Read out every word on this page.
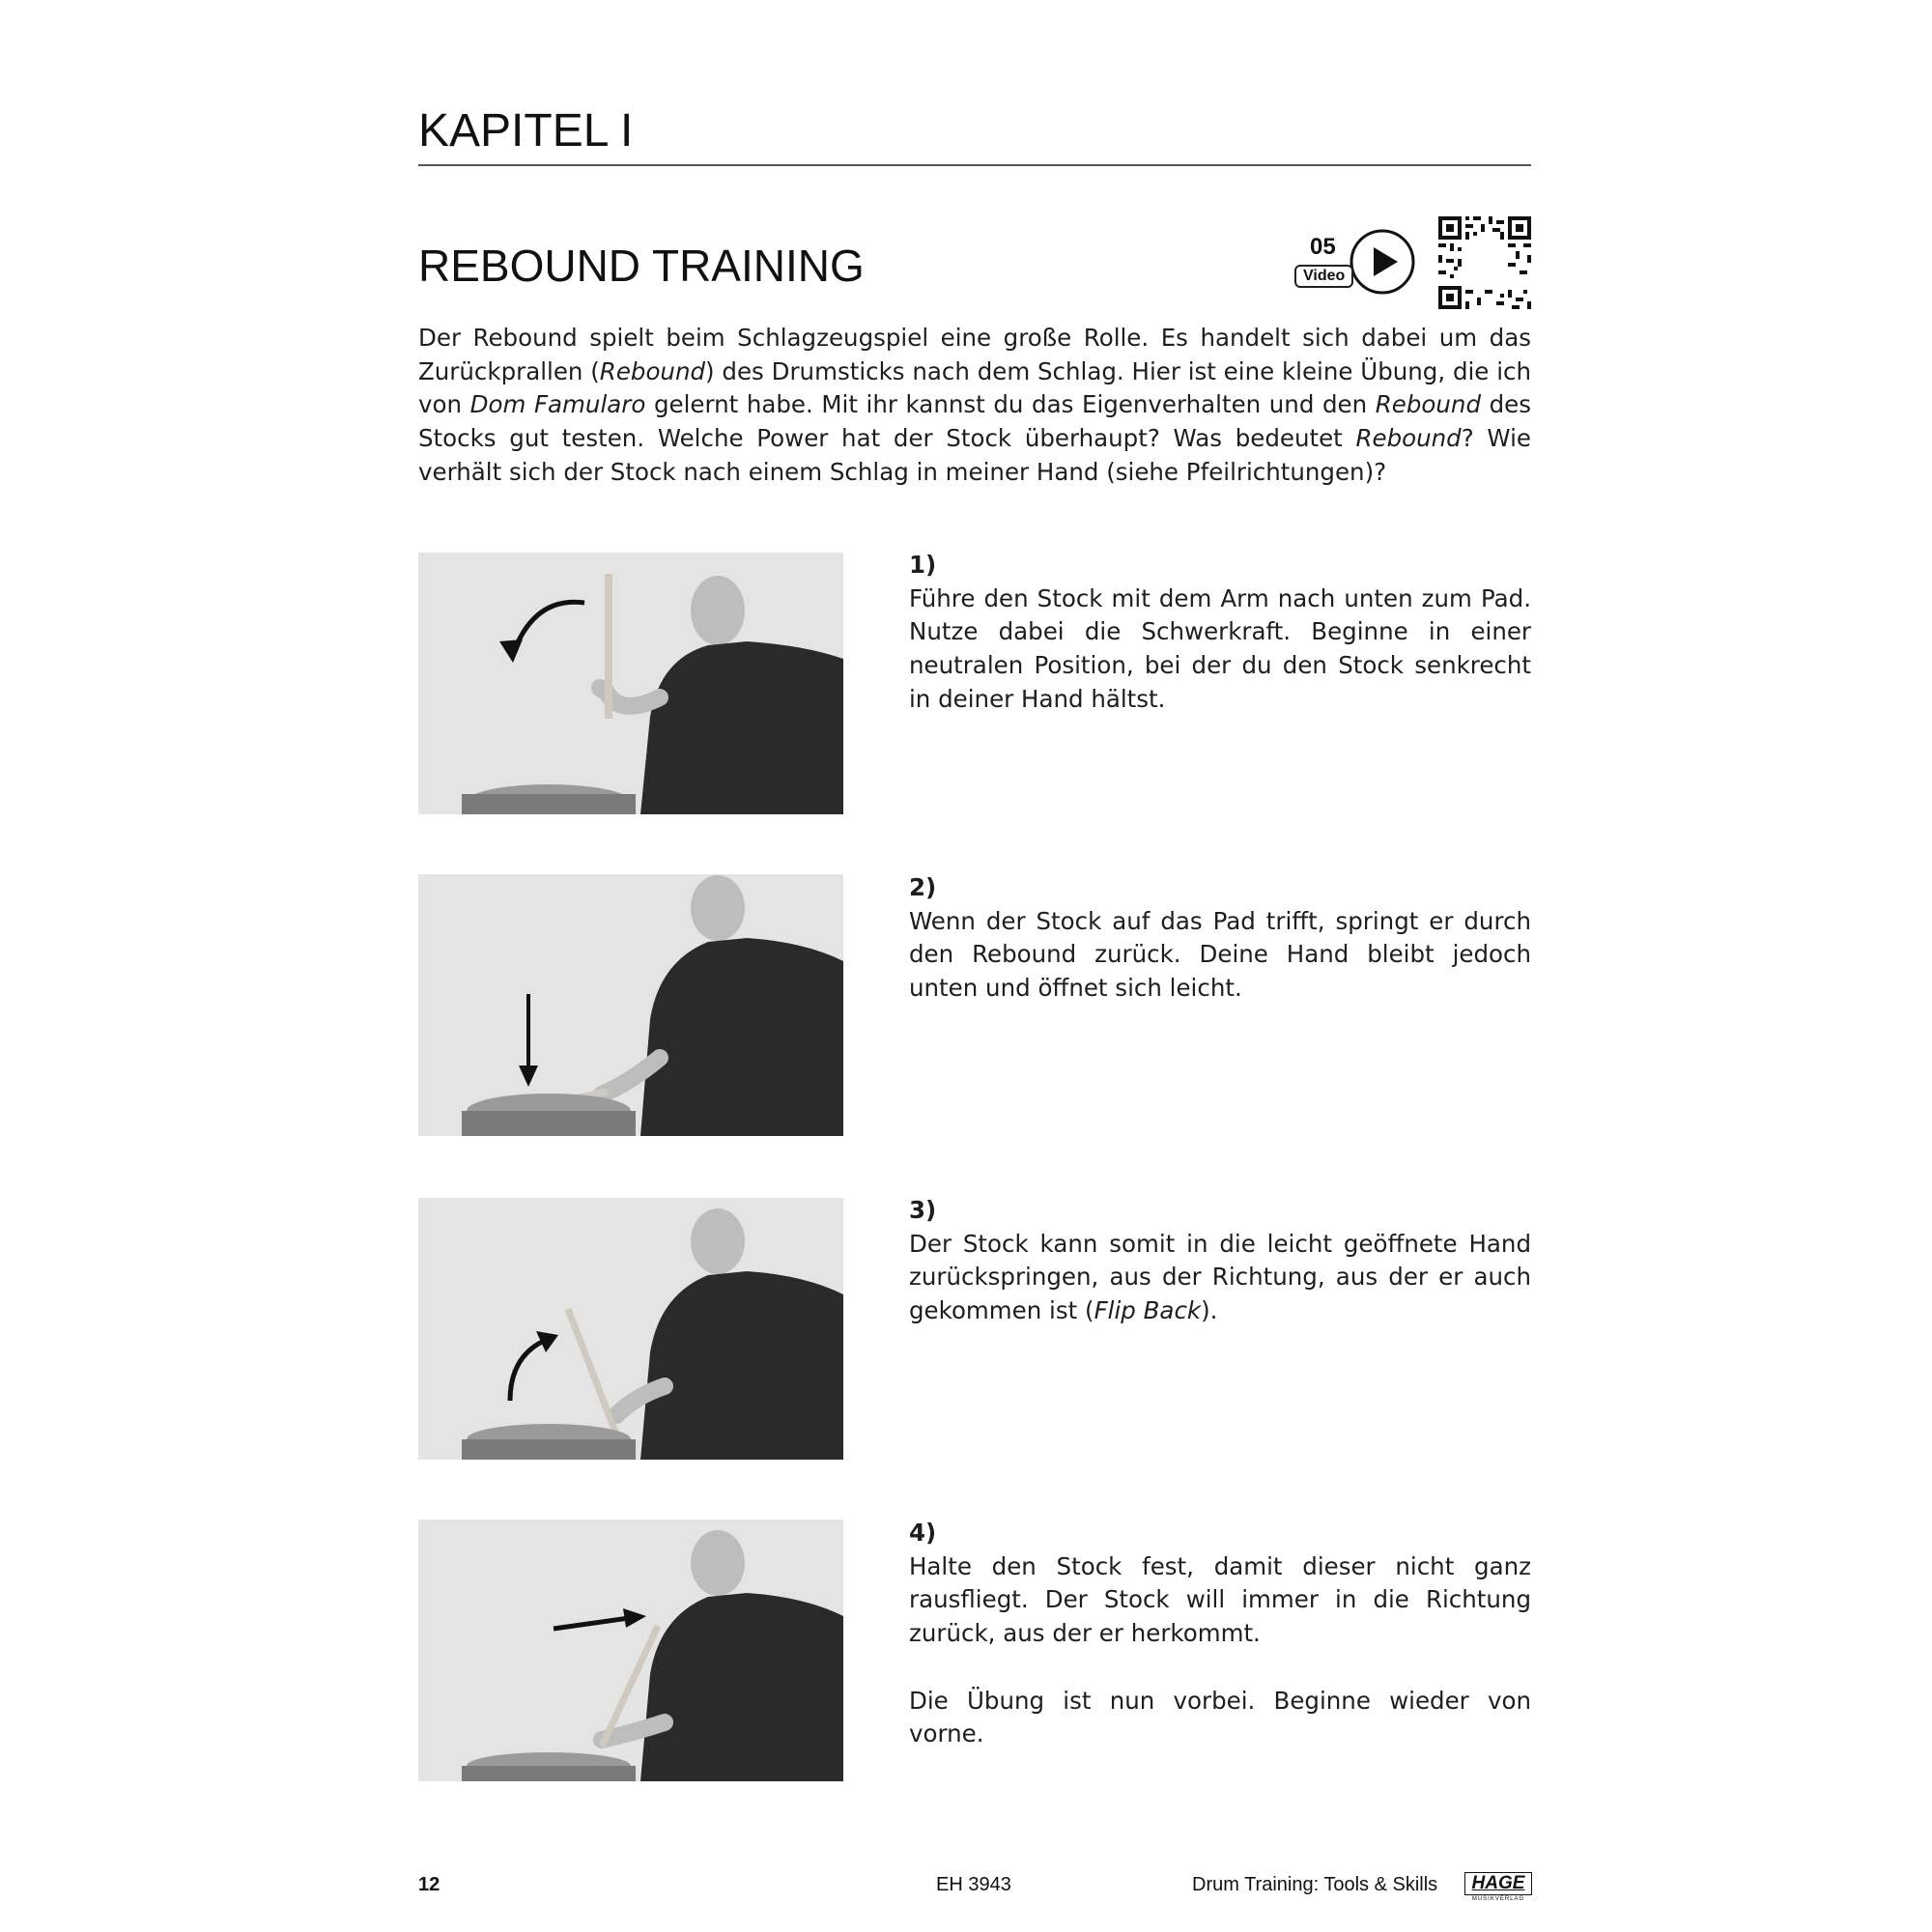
KAPITEL I
REBOUND TRAINING	05
Video
Der Rebound spielt beim Schlagzeugspiel eine große Rolle. Es handelt sich dabei um das Zurückprallen (Rebound) des Drumsticks nach dem Schlag. Hier ist eine kleine Übung, die ich von Dom Famularo gelernt habe. Mit ihr kannst du das Eigenverhalten und den Rebound des Stocks gut testen. Welche Power hat der Stock überhaupt? Was bedeutet Rebound? Wie verhält sich der Stock nach einem Schlag in meiner Hand (siehe Pfeilrichtungen)?
1)
Führe den Stock mit dem Arm nach unten zum Pad. Nutze dabei die Schwerkraft. Beginne in einer neutralen Position, bei der du den Stock senkrecht in deiner Hand hältst.
2)
Wenn der Stock auf das Pad trifft, springt er durch den Rebound zurück. Deine Hand bleibt jedoch unten und öffnet sich leicht.
3)
Der Stock kann somit in die leicht geöffnete Hand zurückspringen, aus der Richtung, aus der er auch gekommen ist (Flip Back).
4)
Halte den Stock fest, damit dieser nicht ganz rausfliegt. Der Stock will immer in die Richtung zurück, aus der er herkommt.
Die Übung ist nun vorbei. Beginne wieder von vorne.
12	EH 3943	Drum Training: Tools & Skills	HAGE
MUSIKVERLAG
